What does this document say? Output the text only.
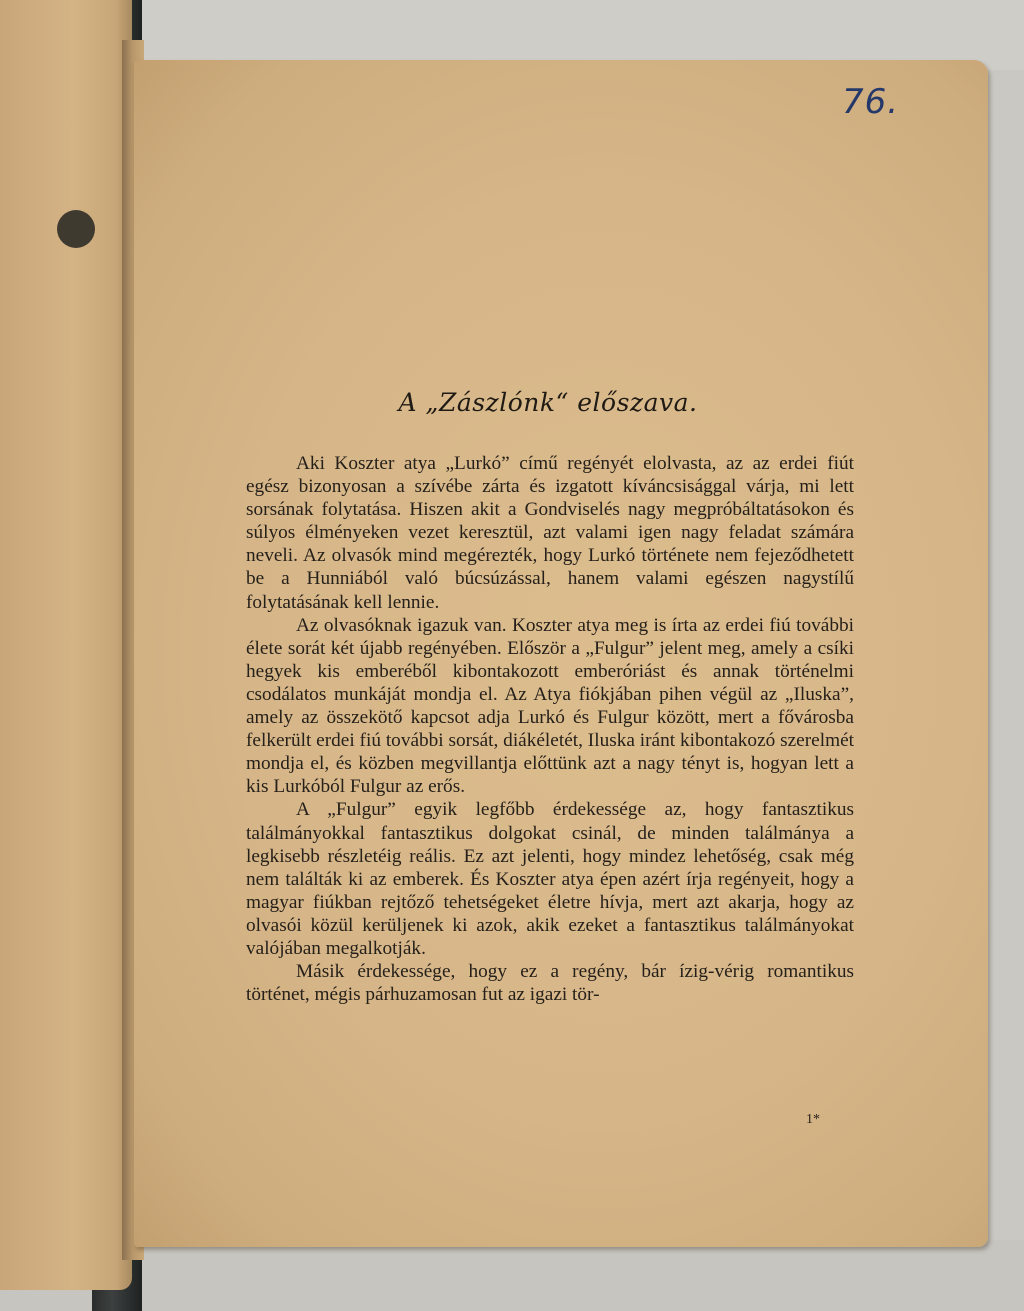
76.
A „Zászlónk“ előszava.

Aki Koszter atya „Lurkó” című regényét elolvasta, az az erdei fiút egész bizonyosan a szívébe zárta és izgatott kíváncsisággal várja, mi lett sorsának folytatása. Hiszen akit a Gondviselés nagy megpróbáltatásokon és súlyos élményeken vezet keresztül, azt valami igen nagy feladat számára neveli. Az olvasók mind megérezték, hogy Lurkó története nem fejeződhetett be a Hunniából való búcsúzással, hanem valami egészen nagystílű folytatásának kell lennie.

Az olvasóknak igazuk van. Koszter atya meg is írta az erdei fiú további élete sorát két újabb regényében. Először a „Fulgur” jelent meg, amely a csíki hegyek kis emberéből kibontakozott emberóriást és annak történelmi csodálatos munkáját mondja el. Az Atya fiókjában pihen végül az „Iluska”, amely az összekötő kapcsot adja Lurkó és Fulgur között, mert a fővárosba felkerült erdei fiú további sorsát, diákéletét, Iluska iránt kibontakozó szerelmét mondja el, és közben megvillantja előttünk azt a nagy tényt is, hogyan lett a kis Lurkóból Fulgur az erős.

A „Fulgur” egyik legfőbb érdekessége az, hogy fantasztikus találmányokkal fantasztikus dolgokat csinál, de minden találmánya a legkisebb részletéig reális. Ez azt jelenti, hogy mindez lehetőség, csak még nem találták ki az emberek. És Koszter atya épen azért írja regényeit, hogy a magyar fiúkban rejtőző tehetségeket életre hívja, mert azt akarja, hogy az olvasói közül kerüljenek ki azok, akik ezeket a fantasztikus találmányokat valójában megalkotják.

Másik érdekessége, hogy ez a regény, bár ízig-vérig romantikus történet, mégis párhuzamosan fut az igazi tör-

1*
